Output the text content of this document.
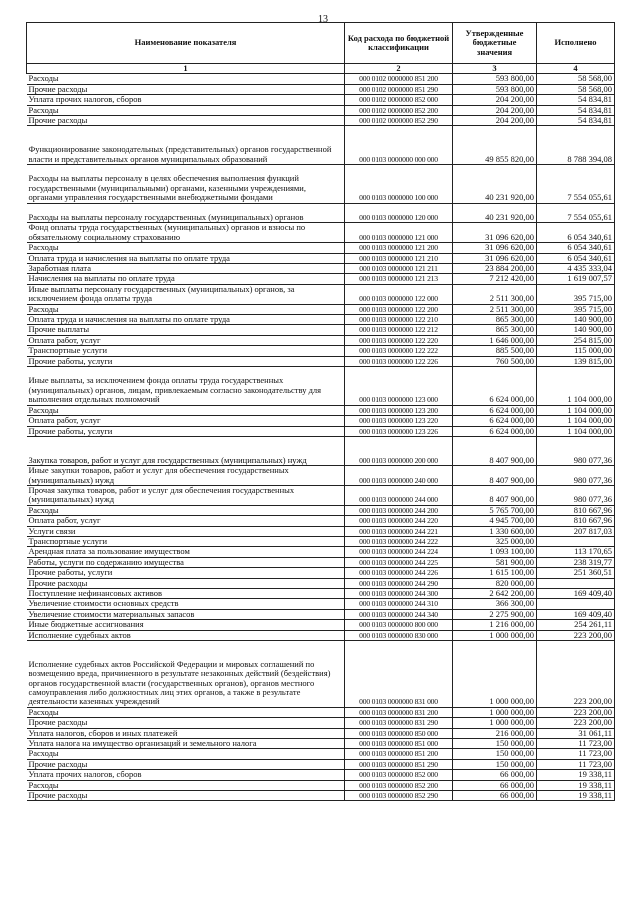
13
Наименование показателя	Код расхода по бюджетной классификации	Утвержденные бюджетные значения	Исполнено
1	2	3	4
Расходы	000 0102 0000000 851 200	593 800,00	58 568,00
Прочие расходы	000 0102 0000000 851 290	593 800,00	58 568,00
Уплата прочих налогов, сборов	000 0102 0000000 852 000	204 200,00	54 834,81
Расходы	000 0102 0000000 852 200	204 200,00	54 834,81
Прочие расходы	000 0102 0000000 852 290	204 200,00	54 834,81
Функционирование законодательных (представительных) органов государственной власти и представительных органов муниципальных образований	000 0103 0000000 000 000	49 855 820,00	8 788 394,08
Расходы на выплаты персоналу в целях обеспечения выполнения функций государственными (муниципальными) органами, казенными учреждениями, органами управления государственными внебюджетными фондами	000 0103 0000000 100 000	40 231 920,00	7 554 055,61
Расходы на выплаты персоналу государственных (муниципальных) органов	000 0103 0000000 120 000	40 231 920,00	7 554 055,61
Фонд оплаты труда государственных (муниципальных) органов и взносы по обязательному социальному страхованию	000 0103 0000000 121 000	31 096 620,00	6 054 340,61
Расходы	000 0103 0000000 121 200	31 096 620,00	6 054 340,61
Оплата труда и начисления на выплаты по оплате труда	000 0103 0000000 121 210	31 096 620,00	6 054 340,61
Заработная плата	000 0103 0000000 121 211	23 884 200,00	4 435 333,04
Начисления на выплаты по оплате труда	000 0103 0000000 121 213	7 212 420,00	1 619 007,57
Иные выплаты персоналу государственных (муниципальных) органов, за исключением фонда оплаты труда	000 0103 0000000 122 000	2 511 300,00	395 715,00
Расходы	000 0103 0000000 122 200	2 511 300,00	395 715,00
Оплата труда и начисления на выплаты по оплате труда	000 0103 0000000 122 210	865 300,00	140 900,00
Прочие выплаты	000 0103 0000000 122 212	865 300,00	140 900,00
Оплата работ, услуг	000 0103 0000000 122 220	1 646 000,00	254 815,00
Транспортные услуги	000 0103 0000000 122 222	885 500,00	115 000,00
Прочие работы, услуги	000 0103 0000000 122 226	760 500,00	139 815,00
Иные выплаты, за исключением фонда оплаты труда государственных (муниципальных) органов, лицам, привлекаемым согласно законодательству для выполнения отдельных полномочий	000 0103 0000000 123 000	6 624 000,00	1 104 000,00
Расходы	000 0103 0000000 123 200	6 624 000,00	1 104 000,00
Оплата работ, услуг	000 0103 0000000 123 220	6 624 000,00	1 104 000,00
Прочие работы, услуги	000 0103 0000000 123 226	6 624 000,00	1 104 000,00
Закупка товаров, работ и услуг для государственных (муниципальных) нужд	000 0103 0000000 200 000	8 407 900,00	980 077,36
Иные закупки товаров, работ и услуг для обеспечения государственных (муниципальных) нужд	000 0103 0000000 240 000	8 407 900,00	980 077,36
Прочая закупка товаров, работ и услуг для обеспечения государственных (муниципальных) нужд	000 0103 0000000 244 000	8 407 900,00	980 077,36
Расходы	000 0103 0000000 244 200	5 765 700,00	810 667,96
Оплата работ, услуг	000 0103 0000000 244 220	4 945 700,00	810 667,96
Услуги связи	000 0103 0000000 244 221	1 330 600,00	207 817,03
Транспортные услуги	000 0103 0000000 244 222	325 000,00	
Арендная плата за пользование имуществом	000 0103 0000000 244 224	1 093 100,00	113 170,65
Работы, услуги по содержанию имущества	000 0103 0000000 244 225	581 900,00	238 319,77
Прочие работы, услуги	000 0103 0000000 244 226	1 615 100,00	251 360,51
Прочие расходы	000 0103 0000000 244 290	820 000,00	
Поступление нефинансовых активов	000 0103 0000000 244 300	2 642 200,00	169 409,40
Увеличение стоимости основных средств	000 0103 0000000 244 310	366 300,00	
Увеличение стоимости материальных запасов	000 0103 0000000 244 340	2 275 900,00	169 409,40
Иные бюджетные ассигнования	000 0103 0000000 800 000	1 216 000,00	254 261,11
Исполнение судебных актов	000 0103 0000000 830 000	1 000 000,00	223 200,00
Исполнение судебных актов Российской Федерации и мировых соглашений по возмещению вреда, причиненного в результате незаконных действий (бездействия) органов государственной власти (государственных органов), органов местного самоуправления либо должностных лиц этих органов, а также в результате деятельности казенных учреждений	000 0103 0000000 831 000	1 000 000,00	223 200,00
Расходы	000 0103 0000000 831 200	1 000 000,00	223 200,00
Прочие расходы	000 0103 0000000 831 290	1 000 000,00	223 200,00
Уплата налогов, сборов и иных платежей	000 0103 0000000 850 000	216 000,00	31 061,11
Уплата налога на имущество организаций и земельного налога	000 0103 0000000 851 000	150 000,00	11 723,00
Расходы	000 0103 0000000 851 200	150 000,00	11 723,00
Прочие расходы	000 0103 0000000 851 290	150 000,00	11 723,00
Уплата прочих налогов, сборов	000 0103 0000000 852 000	66 000,00	19 338,11
Расходы	000 0103 0000000 852 200	66 000,00	19 338,11
Прочие расходы	000 0103 0000000 852 290	66 000,00	19 338,11
